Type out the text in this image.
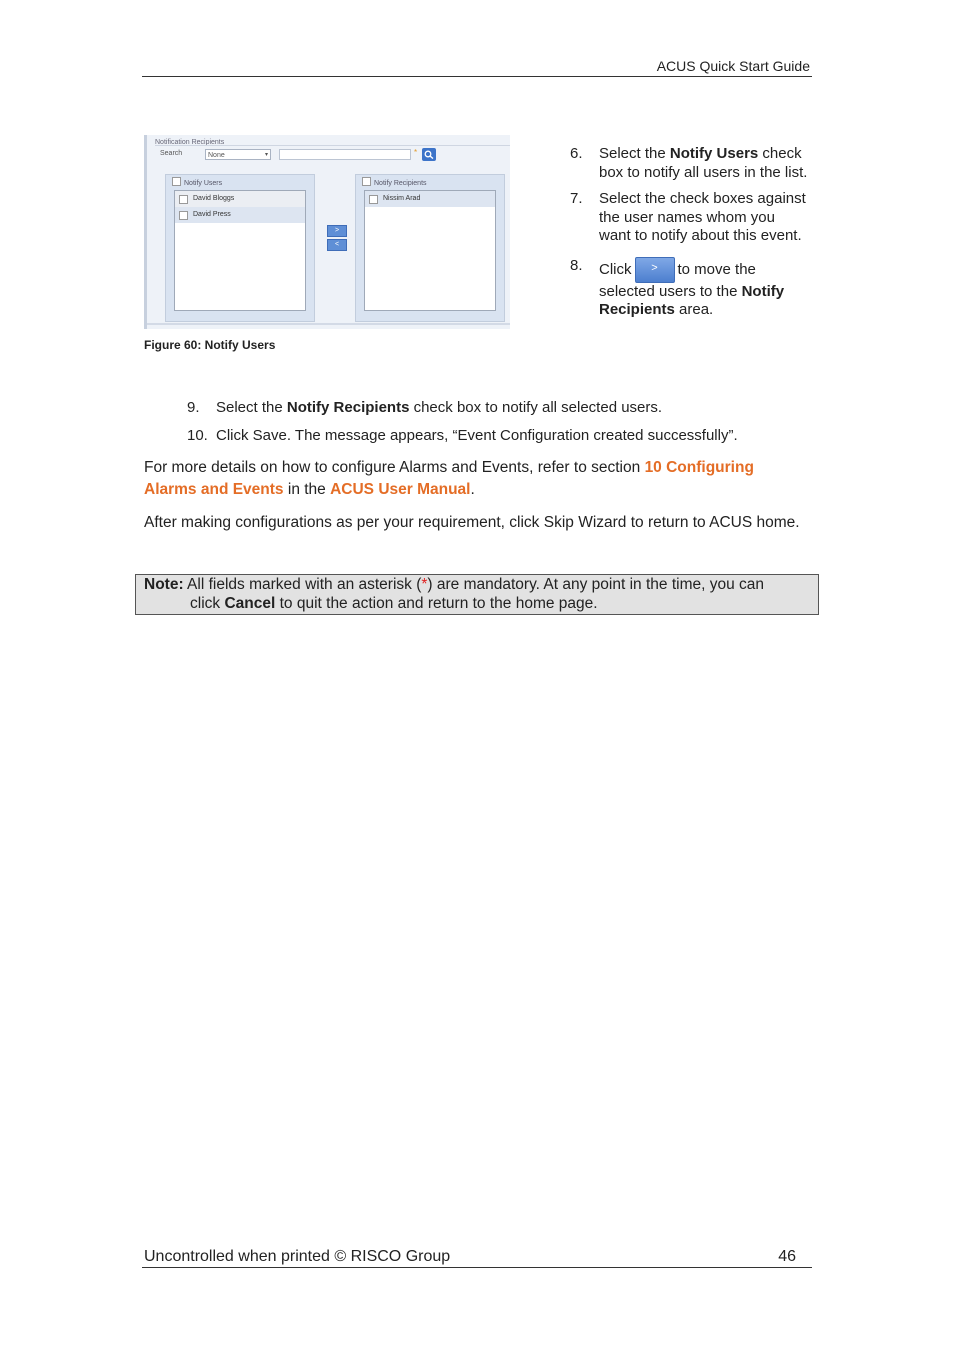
ACUS Quick Start Guide
Notification Recipients
Search	None	▾	*
Notify Users
David Bloggs
David Press
>
<
Notify Recipients
Nissim Arad
Figure 60: Notify Users
6. Select the Notify Users check box to notify all users in the list.
7. Select the check boxes against the user names whom you want to notify about this event.
8. Click > to move the selected users to the Notify Recipients area.
9. Select the Notify Recipients check box to notify all selected users.
10. Click Save. The message appears, “Event Configuration created successfully”.

For more details on how to configure Alarms and Events, refer to section 10 Configuring Alarms and Events in the ACUS User Manual.

After making configurations as per your requirement, click Skip Wizard to return to ACUS home.

Note: All fields marked with an asterisk (*) are mandatory. At any point in the time, you can
click Cancel to quit the action and return to the home page.
Uncontrolled when printed © RISCO Group	46
